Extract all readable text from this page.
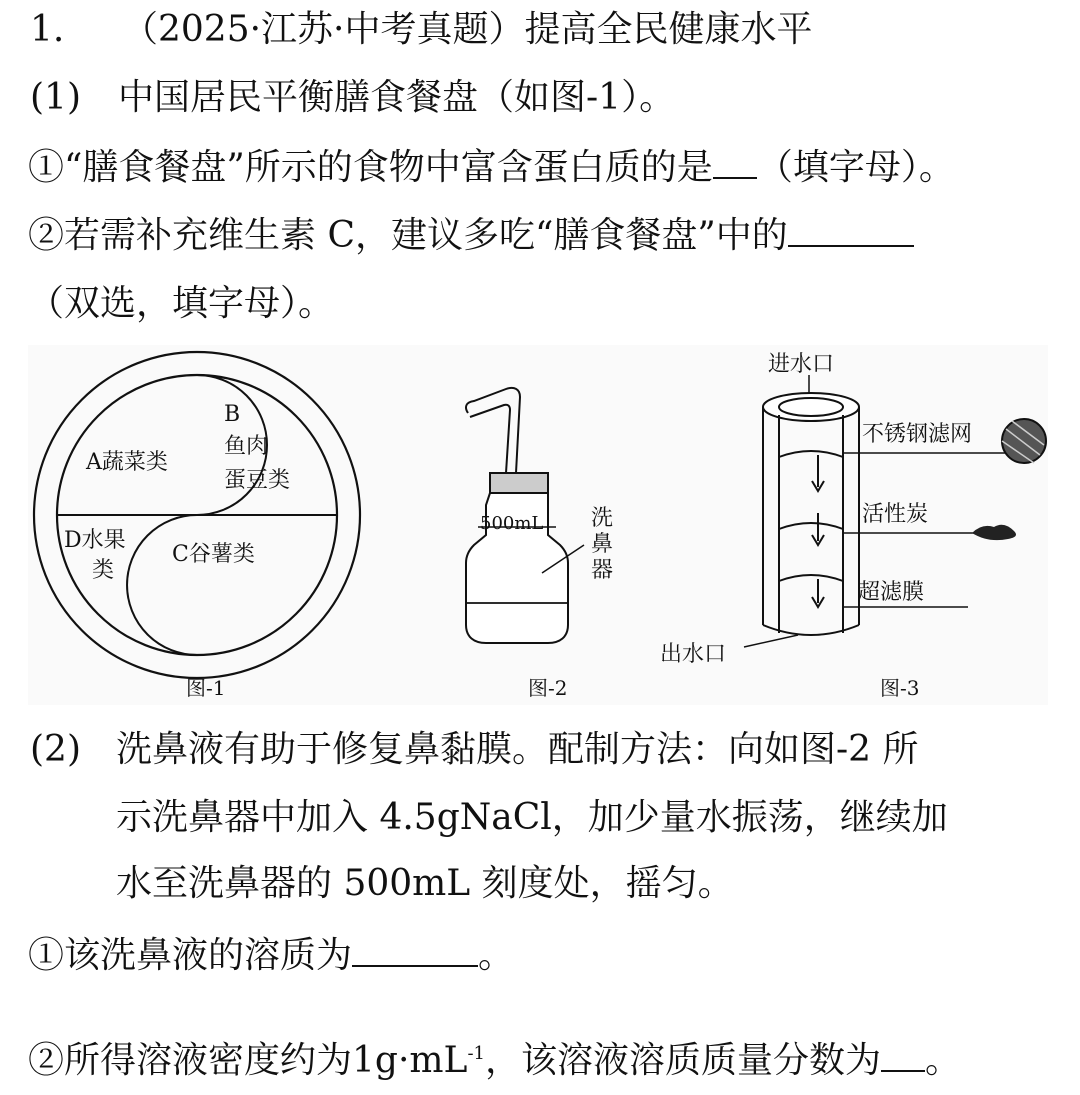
1. （2025·江苏·中考真题）提高全民健康水平
(1) 中国居民平衡膳食餐盘（如图-1）。
①“膳食餐盘”所示的食物中富含蛋白质的是 （填字母）。
②若需补充维生素 C，建议多吃“膳食餐盘”中的
（双选，填字母）。
A蔬菜类
B
鱼肉
蛋豆类
D水果
类
C谷薯类
图-1
500mL 洗
鼻
器
图-2
进水口
不锈钢滤网
活性炭
超滤膜
出水口
图-3
(2) 洗鼻液有助于修复鼻黏膜。配制方法：向如图-2 所
示洗鼻器中加入 4.5gNaCl，加少量水振荡，继续加
水至洗鼻器的 500mL 刻度处，摇匀。
①该洗鼻液的溶质为	。
②所得溶液密度约为$1g\cdot mL^{-1}$，该溶液溶质质量分数为 。
